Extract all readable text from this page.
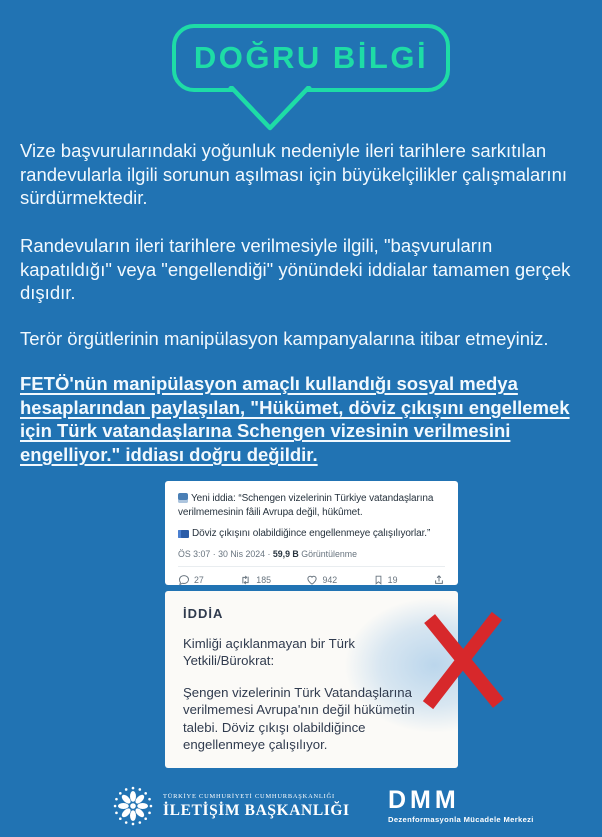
DOĞRU BİLGİ
Vize başvurularındaki yoğunluk nedeniyle ileri tarihlere sarkıtılan randevularla ilgili sorunun aşılması için büyükelçilikler çalışmalarını sürdürmektedir.
Randevuların ileri tarihlere verilmesiyle ilgili, "başvuruların kapatıldığı" veya "engellendiği" yönündeki iddialar tamamen gerçek dışıdır.
Terör örgütlerinin manipülasyon kampanyalarına itibar etmeyiniz.
FETÖ'nün manipülasyon amaçlı kullandığı sosyal medya hesaplarından paylaşılan, "Hükümet, döviz çıkışını engellemek için Türk vatandaşlarına Schengen vizesinin verilmesini engelliyor." iddiası doğru değildir.
Yeni iddia: “Schengen vizelerinin Türkiye vatandaşlarına verilmemesinin fâili Avrupa değil, hükûmet.
Döviz çıkışını olabildiğince engellenmeye çalışılıyorlar.”
ÖS 3:07 · 30 Nis 2024 · 59,9 B Görüntülenme
27	185	942	19
İDDİA
Kimliği açıklanmayan bir Türk Yetkili/Bürokrat:
Şengen vizelerinin Türk Vatandaşlarına verilmemesi Avrupa'nın değil hükümetin talebi. Döviz çıkışı olabildiğince engellenmeye çalışılıyor.
TÜRKİYE CUMHURİYETİ CUMHURBAŞKANLIĞI
İLETİŞİM BAŞKANLIĞI DMM
Dezenformasyonla Mücadele Merkezi
